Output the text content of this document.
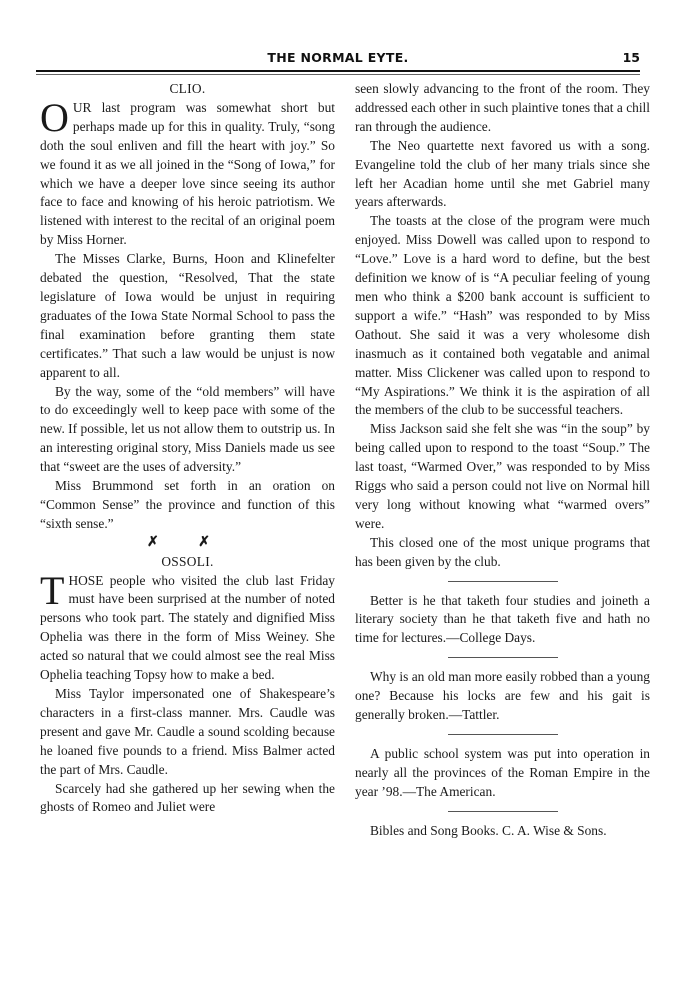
THE NORMAL EYTE.	15

CLIO.

OUR last program was somewhat short but perhaps made up for this in quality. Truly, “song doth the soul enliven and fill the heart with joy.” So we found it as we all joined in the “Song of Iowa,” for which we have a deeper love since seeing its author face to face and knowing of his heroic patriotism. We listened with interest to the recital of an original poem by Miss Horner.

The Misses Clarke, Burns, Hoon and Klinefelter debated the question, “Resolved, That the state legislature of Iowa would be unjust in requiring graduates of the Iowa State Normal School to pass the final examination before granting them state certificates.” That such a law would be unjust is now apparent to all.

By the way, some of the “old members” will have to do exceedingly well to keep pace with some of the new. If possible, let us not allow them to outstrip us. In an interesting original story, Miss Daniels made us see that “sweet are the uses of adversity.”

Miss Brummond set forth in an oration on “Common Sense” the province and function of this “sixth sense.”

✗ ✗

OSSOLI.

THOSE people who visited the club last Friday must have been surprised at the number of noted persons who took part. The stately and dignified Miss Ophelia was there in the form of Miss Weiney. She acted so natural that we could almost see the real Miss Ophelia teaching Topsy how to make a bed.

Miss Taylor impersonated one of Shakespeare’s characters in a first-class manner. Mrs. Caudle was present and gave Mr. Caudle a sound scolding because he loaned five pounds to a friend. Miss Balmer acted the part of Mrs. Caudle.

Scarcely had she gathered up her sewing when the ghosts of Romeo and Juliet were

seen slowly advancing to the front of the room. They addressed each other in such plaintive tones that a chill ran through the audience.

The Neo quartette next favored us with a song. Evangeline told the club of her many trials since she left her Acadian home until she met Gabriel many years afterwards.

The toasts at the close of the program were much enjoyed. Miss Dowell was called upon to respond to “Love.” Love is a hard word to define, but the best definition we know of is “A peculiar feeling of young men who think a $200 bank account is sufficient to support a wife.” “Hash” was responded to by Miss Oathout. She said it was a very wholesome dish inasmuch as it contained both vegatable and animal matter. Miss Clickener was called upon to respond to “My Aspirations.” We think it is the aspiration of all the members of the club to be successful teachers.

Miss Jackson said she felt she was “in the soup” by being called upon to respond to the toast “Soup.” The last toast, “Warmed Over,” was responded to by Miss Riggs who said a person could not live on Normal hill very long without knowing what “warmed overs” were.

This closed one of the most unique programs that has been given by the club.

Better is he that taketh four studies and joineth a literary society than he that taketh five and hath no time for lectures.—College Days.

Why is an old man more easily robbed than a young one? Because his locks are few and his gait is generally broken.—Tattler.

A public school system was put into operation in nearly all the provinces of the Roman Empire in the year ’98.—The American.

Bibles and Song Books. C. A. Wise & Sons.
